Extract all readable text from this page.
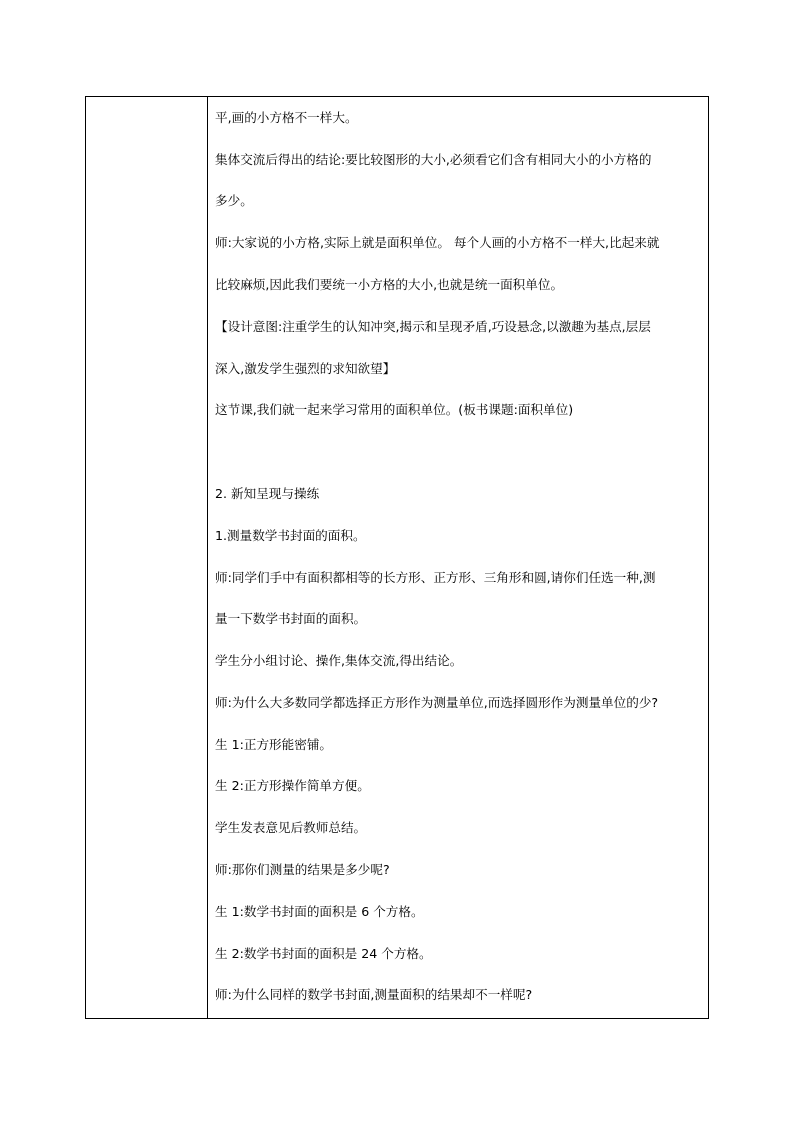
平,画的小方格不一样大。
集体交流后得出的结论:要比较图形的大小,必须看它们含有相同大小的小方格的
多少。
师:大家说的小方格,实际上就是面积单位。 每个人画的小方格不一样大,比起来就
比较麻烦,因此我们要统一小方格的大小,也就是统一面积单位。
【设计意图:注重学生的认知冲突,揭示和呈现矛盾,巧设悬念,以激趣为基点,层层
深入,激发学生强烈的求知欲望】
这节课,我们就一起来学习常用的面积单位。(板书课题:面积单位)
2. 新知呈现与操练
1.测量数学书封面的面积。
师:同学们手中有面积都相等的长方形、正方形、三角形和圆,请你们任选一种,测
量一下数学书封面的面积。
学生分小组讨论、操作,集体交流,得出结论。
师:为什么大多数同学都选择正方形作为测量单位,而选择圆形作为测量单位的少?
生 1:正方形能密铺。
生 2:正方形操作简单方便。
学生发表意见后教师总结。
师:那你们测量的结果是多少呢?
生 1:数学书封面的面积是 6 个方格。
生 2:数学书封面的面积是 24 个方格。
师:为什么同样的数学书封面,测量面积的结果却不一样呢?
